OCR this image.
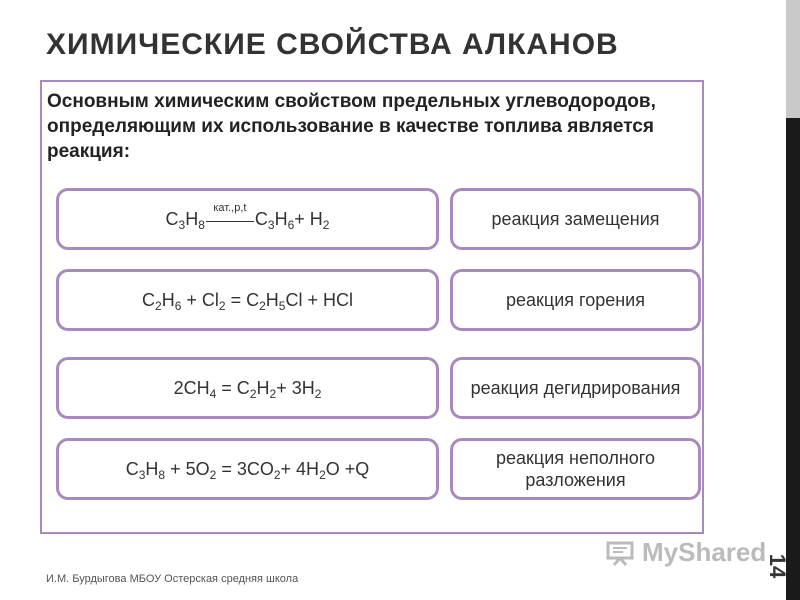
ХИМИЧЕСКИЕ СВОЙСТВА АЛКАНОВ
Основным химическим свойством предельных углеводородов, определяющим их использование в качестве топлива является реакция:
$C_3H_8$
кат.,р,t
$C_3H_6+ H_2$
$C_2H_6 + Cl_2 = C_2H_5Cl$ + HCl
$2CH_4 = C_2H_2+ 3H_2$
$C_3H_8 + 5O_2 = 3CO_2+ 4H_2O +Q$
реакция замещения
реакция горения
реакция дегидрирования
реакция неполного разложения
И.М. Бурдыгова МБОУ Остерская средняя школа
MyShared
14
